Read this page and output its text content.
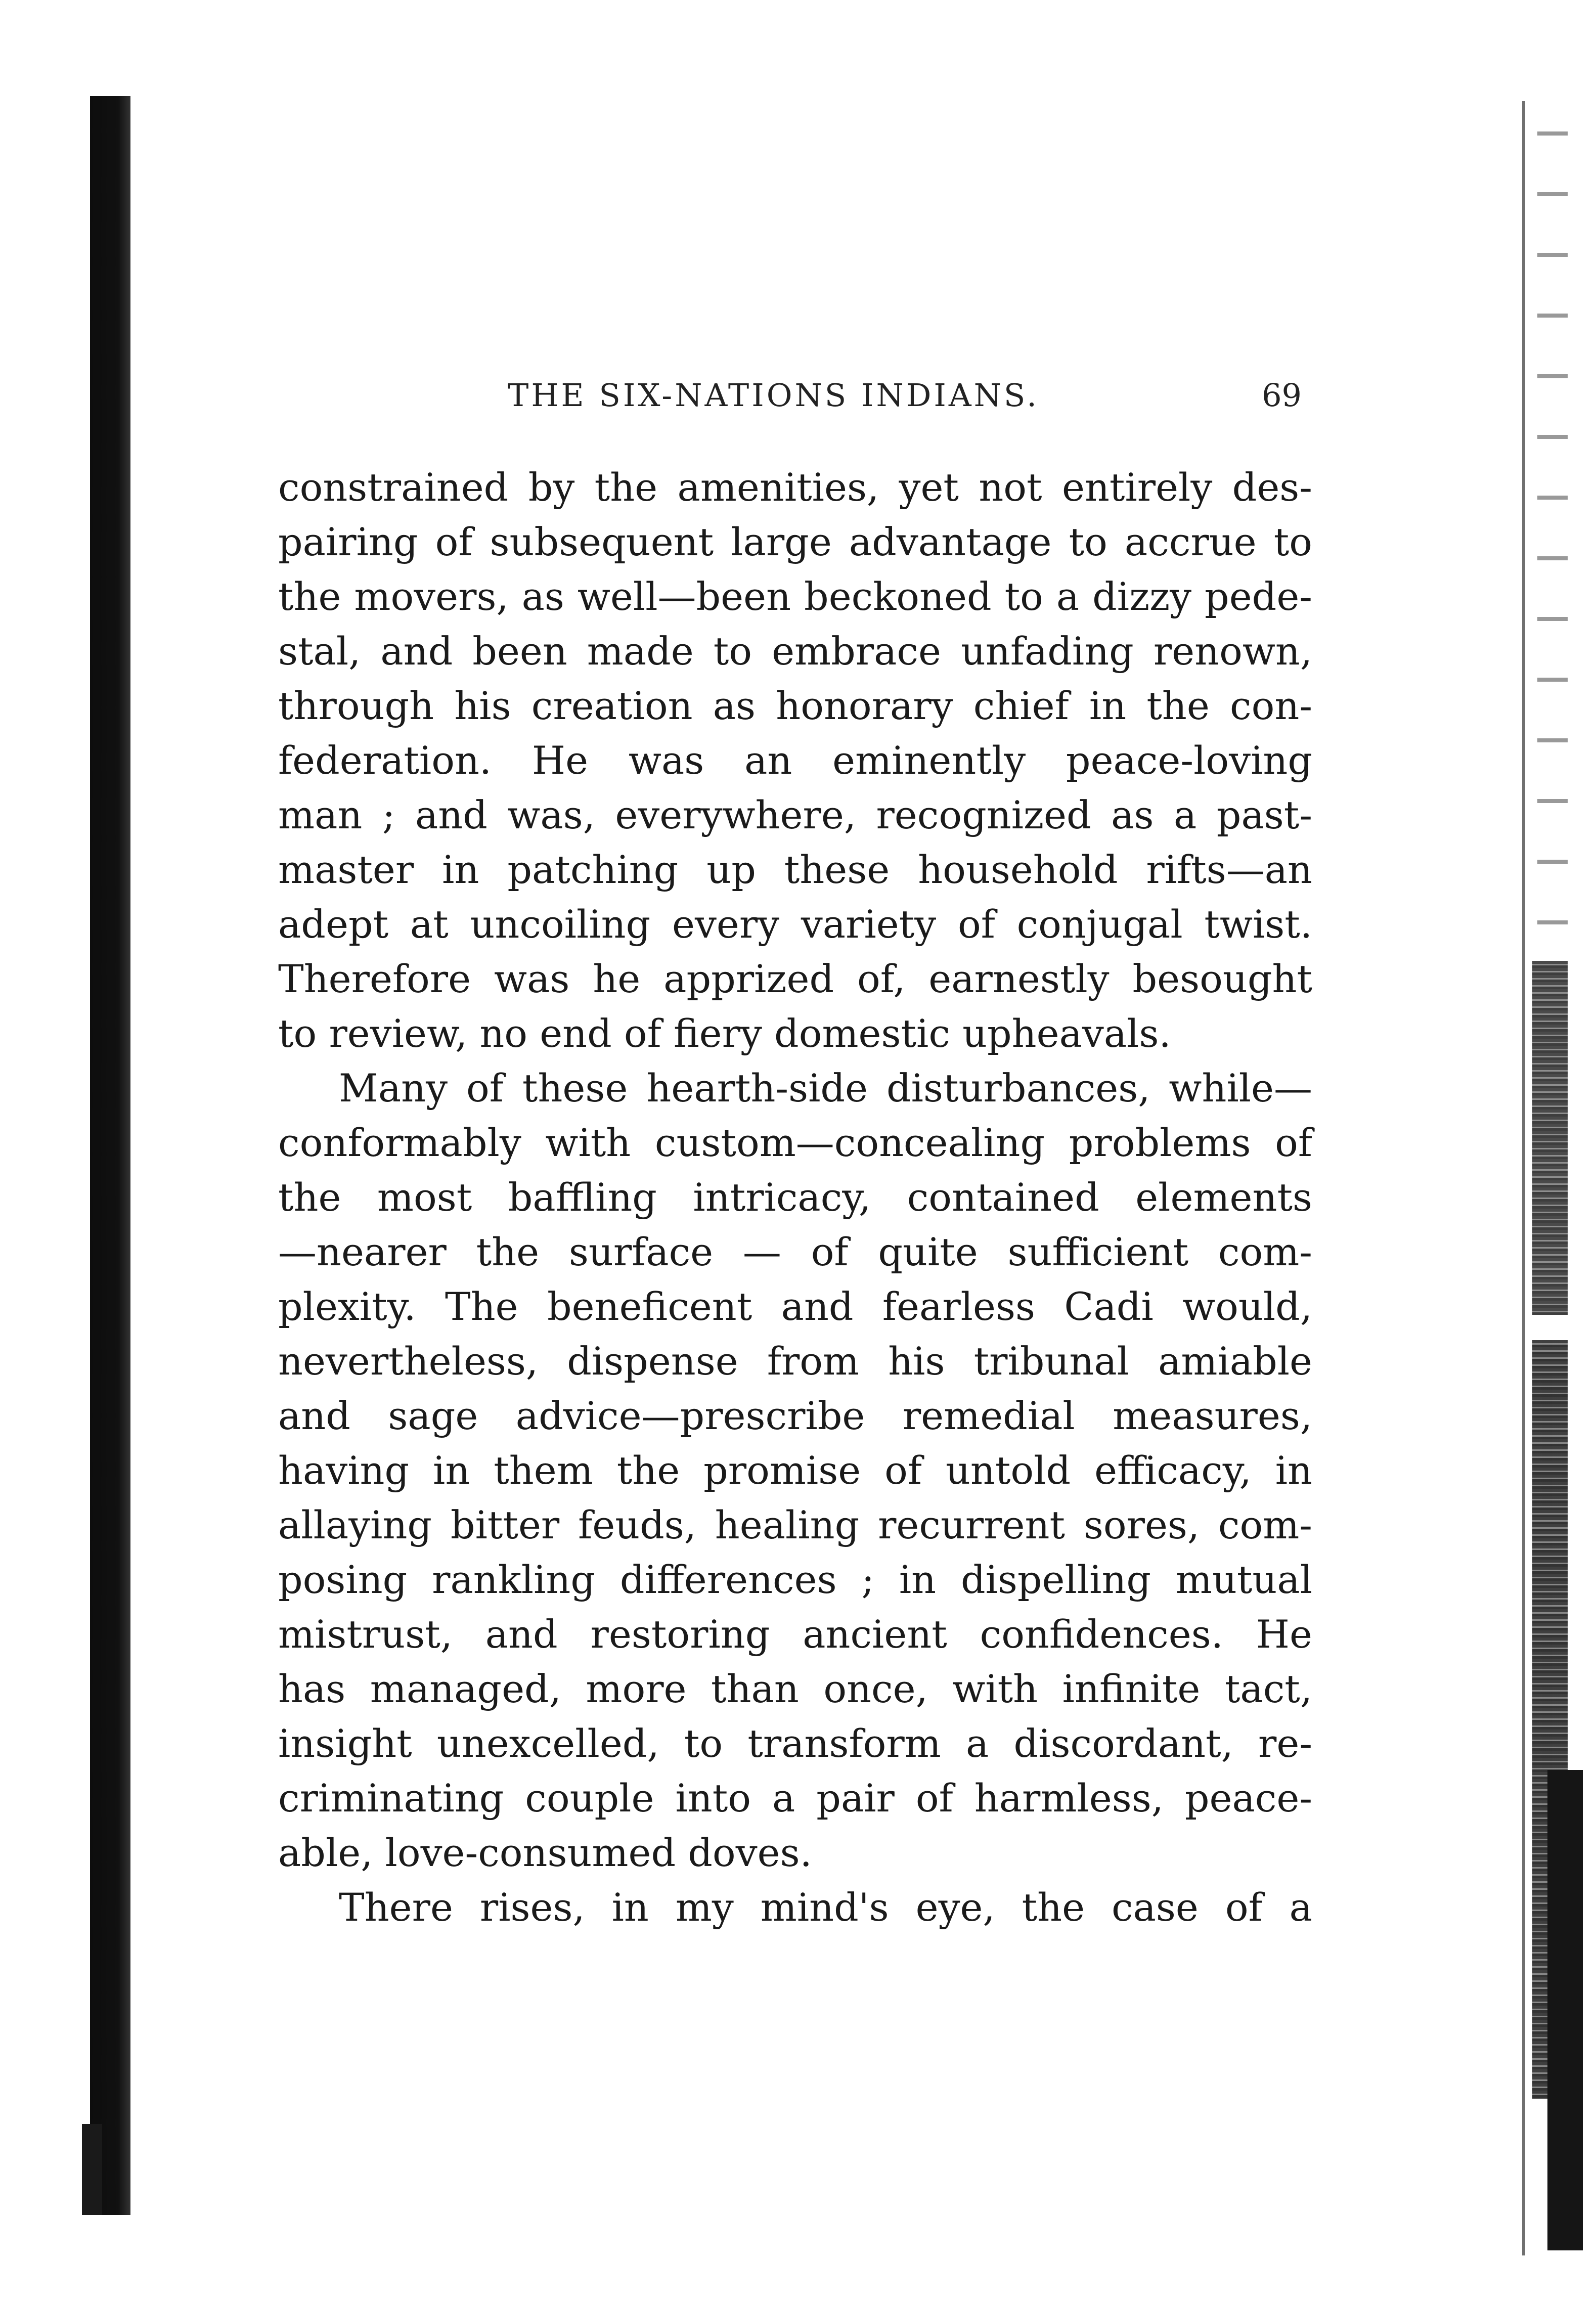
THE SIX-NATIONS INDIANS.	69
constrained by the amenities, yet not entirely des-
pairing of subsequent large advantage to accrue to
the movers, as well—been beckoned to a dizzy pede-
stal, and been made to embrace unfading renown,
through his creation as honorary chief in the con-
federation. He was an eminently peace-loving
man ; and was, everywhere, recognized as a past-
master in patching up these household rifts—an
adept at uncoiling every variety of conjugal twist.
Therefore was he apprized of, earnestly besought
to review, no end of fiery domestic upheavals.
Many of these hearth-side disturbances, while—
conformably with custom—concealing problems of
the most baffling intricacy, contained elements
—nearer the surface — of quite sufficient com-
plexity. The beneficent and fearless Cadi would,
nevertheless, dispense from his tribunal amiable
and sage advice—prescribe remedial measures,
having in them the promise of untold efficacy, in
allaying bitter feuds, healing recurrent sores, com-
posing rankling differences ; in dispelling mutual
mistrust, and restoring ancient confidences. He
has managed, more than once, with infinite tact,
insight unexcelled, to transform a discordant, re-
criminating couple into a pair of harmless, peace-
able, love-consumed doves.
There rises, in my mind's eye, the case of a
